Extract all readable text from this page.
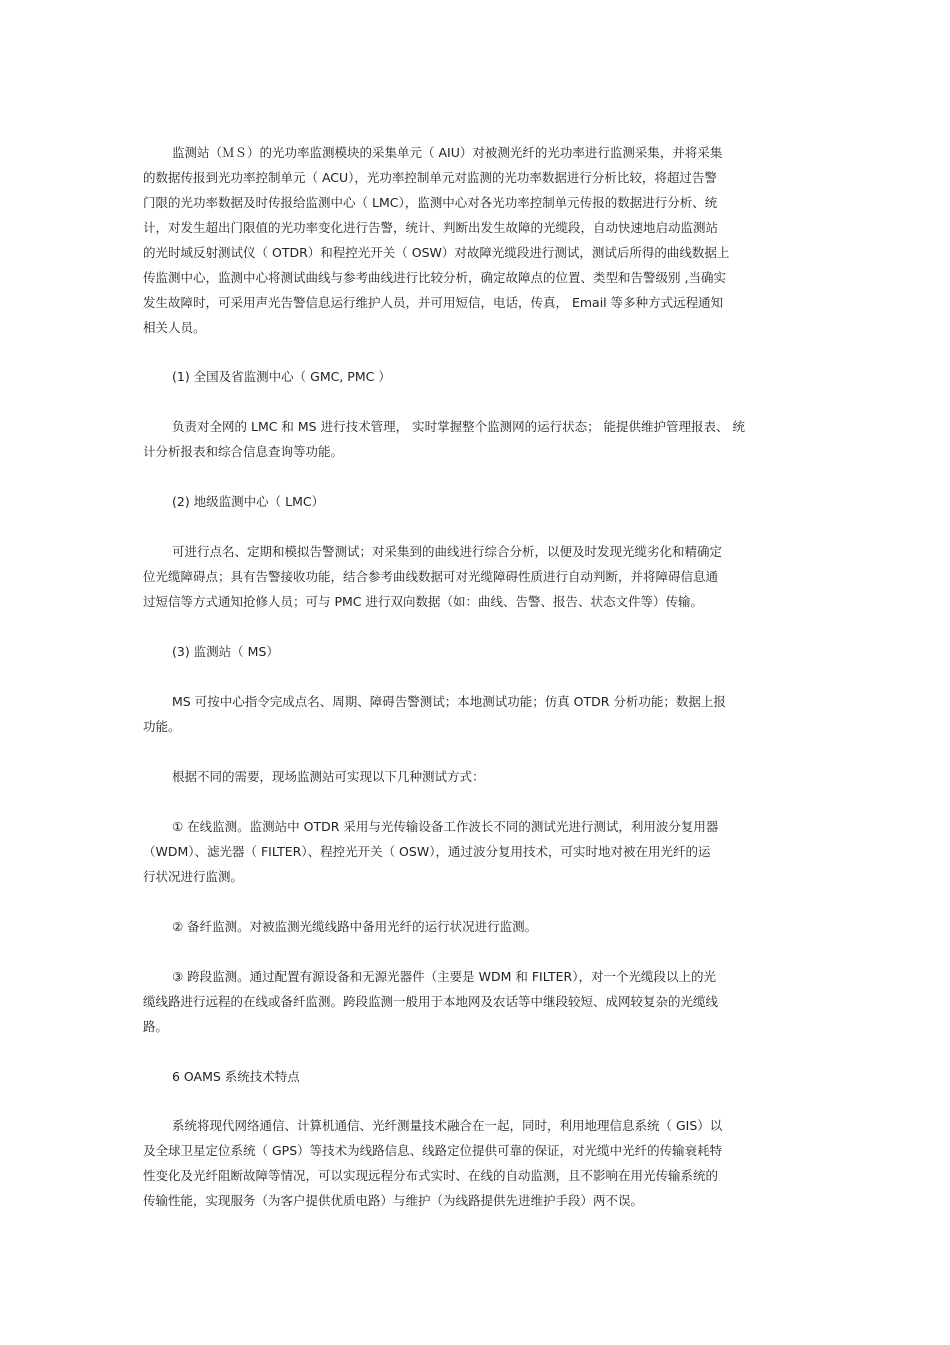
监测站（ＭＳ）的光功率监测模块的采集单元（ AIU）对被测光纤的光功率进行监测采集，并将采集
的数据传报到光功率控制单元（ ACU），光功率控制单元对监测的光功率数据进行分析比较，将超过告警
门限的光功率数据及时传报给监测中心（ LMC），监测中心对各光功率控制单元传报的数据进行分析、统
计，对发生超出门限值的光功率变化进行告警，统计、判断出发生故障的光缆段，自动快速地启动监测站
的光时域反射测试仪（ OTDR）和程控光开关（ OSW）对故障光缆段进行测试，测试后所得的曲线数据上
传监测中心，监测中心将测试曲线与参考曲线进行比较分析，确定故障点的位置、类型和告警级别 ,当确实
发生故障时，可采用声光告警信息运行维护人员，并可用短信，电话，传真， Email 等多种方式远程通知
相关人员。
(1) 全国及省监测中心（ GMC, PMC ）
负责对全网的 LMC 和 MS 进行技术管理， 实时掌握整个监测网的运行状态； 能提供维护管理报表、 统
计分析报表和综合信息查询等功能。
(2) 地级监测中心（ LMC）
可进行点名、定期和模拟告警测试；对采集到的曲线进行综合分析，以便及时发现光缆劣化和精确定
位光缆障碍点；具有告警接收功能，结合参考曲线数据可对光缆障碍性质进行自动判断，并将障碍信息通
过短信等方式通知抢修人员；可与 PMC 进行双向数据（如：曲线、告警、报告、状态文件等）传输。
(3) 监测站（ MS）
MS 可按中心指令完成点名、周期、障碍告警测试；本地测试功能；仿真 OTDR 分析功能；数据上报
功能。
根据不同的需要，现场监测站可实现以下几种测试方式：
① 在线监测。监测站中 OTDR 采用与光传输设备工作波长不同的测试光进行测试，利用波分复用器
（WDM）、滤光器（ FILTER）、程控光开关（ OSW），通过波分复用技术，可实时地对被在用光纤的运
行状况进行监测。
② 备纤监测。对被监测光缆线路中备用光纤的运行状况进行监测。
③ 跨段监测。通过配置有源设备和无源光器件（主要是 WDM 和 FILTER），对一个光缆段以上的光
缆线路进行远程的在线或备纤监测。跨段监测一般用于本地网及农话等中继段较短、成网较复杂的光缆线
路。
6 OAMS 系统技术特点
系统将现代网络通信、计算机通信、光纤测量技术融合在一起，同时，利用地理信息系统（ GIS）以
及全球卫星定位系统（ GPS）等技术为线路信息、线路定位提供可靠的保证，对光缆中光纤的传输衰耗特
性变化及光纤阻断故障等情况，可以实现远程分布式实时、在线的自动监测，且不影响在用光传输系统的
传输性能，实现服务（为客户提供优质电路）与维护（为线路提供先进维护手段）两不误。
